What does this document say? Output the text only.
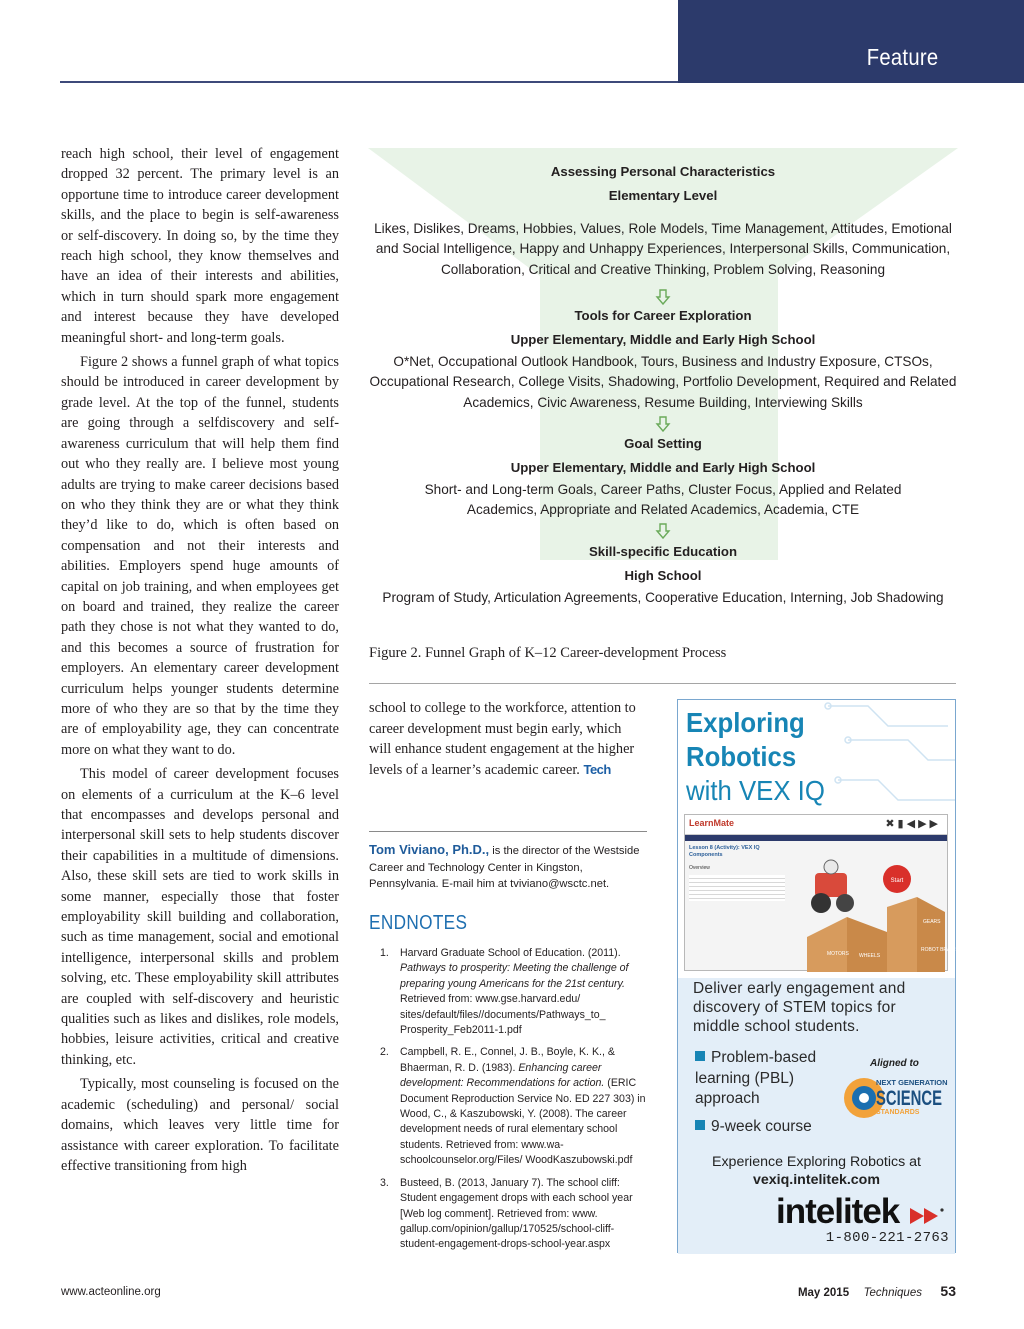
Feature

reach high school, their level of engagement dropped 32 percent. The primary level is an opportune time to introduce career development skills, and the place to begin is self-awareness or self-discovery. In doing so, by the time they reach high school, they know themselves and have an idea of their interests and abilities, which in turn should spark more engagement and interest because they have developed meaningful short- and long-term goals.

Figure 2 shows a funnel graph of what topics should be introduced in career development by grade level. At the top of the funnel, students are going through a selfdiscovery and self-awareness curriculum that will help them find out who they really are. I believe most young adults are trying to make career decisions based on who they think they are or what they think they’d like to do, which is often based on compensation and not their interests and abilities. Employers spend huge amounts of capital on job training, and when employees get on board and trained, they realize the career path they chose is not what they wanted to do, and this becomes a source of frustration for employers. An elementary career development curriculum helps younger students determine more of who they are so that by the time they are of employability age, they can concentrate more on what they want to do.

This model of career development focuses on elements of a curriculum at the K–6 level that encompasses and develops personal and interpersonal skill sets to help students discover their capabilities in a multitude of dimensions. Also, these skill sets are tied to work skills in some manner, especially those that foster employability skill building and collaboration, such as time management, social and emotional intelligence, interpersonal skills and problem solving, etc. These employability skill attributes are coupled with self-discovery and heuristic qualities such as likes and dislikes, role models, hobbies, leisure activities, critical and creative thinking, etc.

Typically, most counseling is focused on the academic (scheduling) and personal/ social domains, which leaves very little time for assistance with career exploration. To facilitate effective transitioning from high

Assessing Personal Characteristics
Elementary Level
Likes, Dislikes, Dreams, Hobbies, Values, Role Models, Time Management, Attitudes, Emotional and Social Intelligence, Happy and Unhappy Experiences, Interpersonal Skills, Communication, Collaboration, Critical and Creative Thinking, Problem Solving, Reasoning
Tools for Career Exploration
Upper Elementary, Middle and Early High School
O*Net, Occupational Outlook Handbook, Tours, Business and Industry Exposure, CTSOs, Occupational Research, College Visits, Shadowing, Portfolio Development, Required and Related Academics, Civic Awareness, Resume Building, Interviewing Skills
Goal Setting
Upper Elementary, Middle and Early High School
Short- and Long-term Goals, Career Paths, Cluster Focus, Applied and Related Academics, Appropriate and Related Academics, Academia, CTE
Skill-specific Education
High School
Program of Study, Articulation Agreements, Cooperative Education, Interning, Job Shadowing
Figure 2. Funnel Graph of K–12 Career-development Process
school to college to the workforce, attention to career development must begin early, which will enhance student engagement at the higher levels of a learner’s academic career. Tech
Tom Viviano, Ph.D., is the director of the Westside Career and Technology Center in Kingston, Pennsylvania. E-mail him at tviviano@wsctc.net.
ENDNOTES
1. Harvard Graduate School of Education. (2011). Pathways to prosperity: Meeting the challenge of preparing young Americans for the 21st century. Retrieved from: www.gse.harvard.edu/ sites/default/files//documents/Pathways_to_ Prosperity_Feb2011-1.pdf
2. Campbell, R. E., Connel, J. B., Boyle, K. K., & Bhaerman, R. D. (1983). Enhancing career development: Recommendations for action. (ERIC Document Reproduction Service No. ED 227 303) in Wood, C., & Kaszubowski, Y. (2008). The career development needs of rural elementary school students. Retrieved from: www.wa-schoolcounselor.org/Files/ WoodKaszubowski.pdf
3. Busteed, B. (2013, January 7). The school cliff: Student engagement drops with each school year [Web log comment]. Retrieved from: www. gallup.com/opinion/gallup/170525/school-cliff-student-engagement-drops-school-year.aspx
Exploring
Robotics
with VEX IQ
LearnMate	✖▮◀▶▶
Lesson 8 (Activity): VEX IQ Components
Overview
Start
MOTORS WHEELS
GEARS
ROBOT BRAINS
Deliver early engagement and discovery of STEM topics for middle school students.
Problem-based learning (PBL) approach
9-week course
Aligned to
NEXT GENERATION
SCIENCE
STANDARDS
Experience Exploring Robotics at
vexiq.intelitek.com
intelitek
1-800-221-2763
www.acteonline.org	May 2015 Techniques 53
